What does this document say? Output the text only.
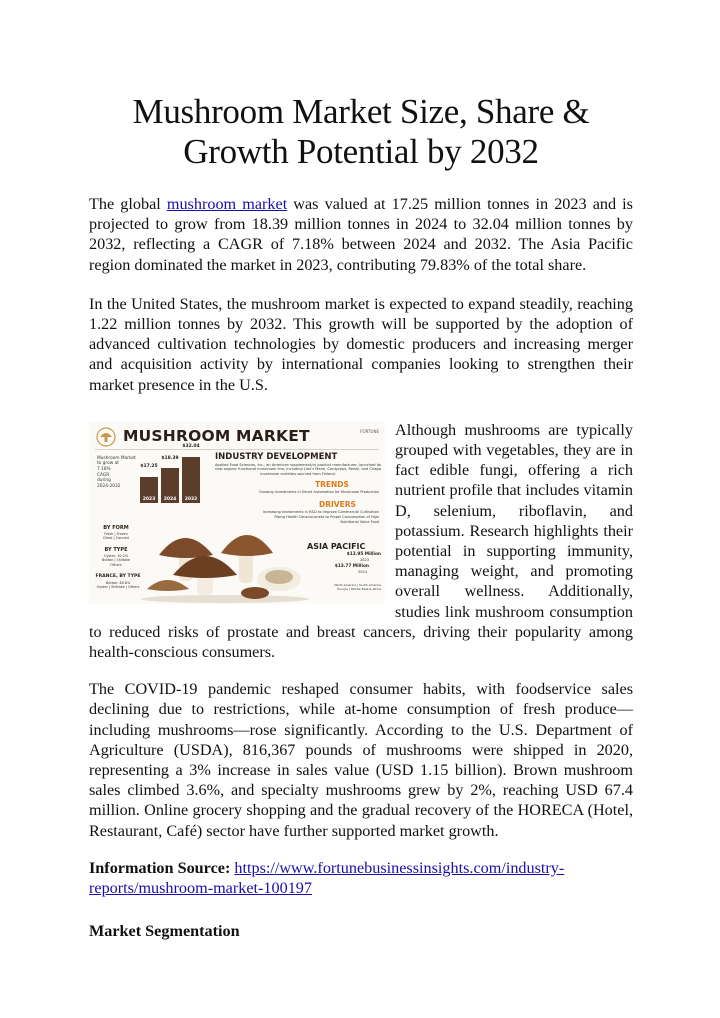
Mushroom Market Size, Share & Growth Potential by 2032

The global mushroom market was valued at 17.25 million tonnes in 2023 and is projected to grow from 18.39 million tonnes in 2024 to 32.04 million tonnes by 2032, reflecting a CAGR of 7.18% between 2024 and 2032. The Asia Pacific region dominated the market in 2023, contributing 79.83% of the total share.

In the United States, the mushroom market is expected to expand steadily, reaching 1.22 million tonnes by 2032. This growth will be supported by the adoption of advanced cultivation technologies by domestic producers and increasing merger and acquisition activity by international companies looking to strengthen their market presence in the U.S.

MUSHROOM MARKET	FORTUNE
Mushroom Market
to grow at
7.18%
CAGR
during
2024-2032
$17.25
2023
$18.39
2024
$32.04
2032
INDUSTRY DEVELOPMENT
Applied Food Sciences, Inc., an American supplement/ry product manufacturer, launched its new organic functional mushroom line, including Lion's Mane, Cordyceps, Reishi, and Chaga mushroom varieties sourced from Finland.
TRENDS
Growing Investments in Smart Automation for Mushroom Production
DRIVERS
Increasing Investments in R&D to Improve Commercial Cultivation
Rising Health Consciousness to Propel Consumption of High Nutritional Value Food
ASIA PACIFIC
$12.95 Million
2023
$13.77 Million
2024
North America | South America
Europe | Middle East & Africa
BY FORM
Fresh | Frozen
Dried | Canned
BY TYPE
Oyster: 30.2%
Button | Shiitake
Others
FRANCE, BY TYPE
Button: 46.8%
Oyster | Shiitake | Others

Although mushrooms are typically grouped with vegetables, they are in fact edible fungi, offering a rich nutrient profile that includes vitamin D, selenium, riboflavin, and potassium. Research highlights their potential in supporting immunity, managing weight, and promoting overall wellness. Additionally, studies link mushroom consumption to reduced risks of prostate and breast cancers, driving their popularity among health-conscious consumers.

The COVID-19 pandemic reshaped consumer habits, with foodservice sales declining due to restrictions, while at-home consumption of fresh produce—including mushrooms—rose significantly. According to the U.S. Department of Agriculture (USDA), 816,367 pounds of mushrooms were shipped in 2020, representing a 3% increase in sales value (USD 1.15 billion). Brown mushroom sales climbed 3.6%, and specialty mushrooms grew by 2%, reaching USD 67.4 million. Online grocery shopping and the gradual recovery of the HORECA (Hotel, Restaurant, Café) sector have further supported market growth.

Information Source: https://www.fortunebusinessinsights.com/industry-reports/mushroom-market-100197

Market Segmentation
